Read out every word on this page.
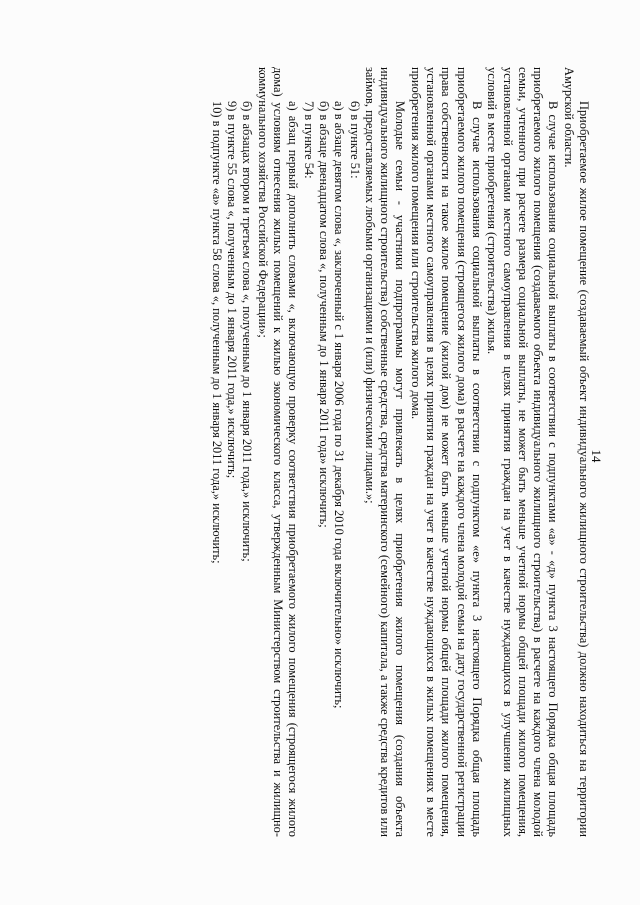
14

Приобретаемое жилое помещение (создаваемый объект индивидуального жилищного строительства) должно находиться на территории Амурской области.

В случае использования социальной выплаты в соответствии с подпунктами «а» - «д» пункта 3 настоящего Порядка общая площадь приобретаемого жилого помещения (создаваемого объекта индивидуального жилищного строительства) в расчете на каждого члена молодой семьи, учтенного при расчете размера социальной выплаты, не может быть меньше учетной нормы общей площади жилого помещения, установленной органами местного самоуправления в целях принятия граждан на учет в качестве нуждающихся в улучшении жилищных условий в месте приобретения (строительства) жилья.

В случае использования социальной выплаты в соответствии с подпунктом «е» пункта 3 настоящего Порядка общая площадь приобретаемого жилого помещения (строящегося жилого дома) в расчете на каждого члена молодой семьи на дату государственной регистрации права собственности на такое жилое помещение (жилой дом) не может быть меньше учетной нормы общей площади жилого помещения, установленной органами местного самоуправления в целях принятия граждан на учет в качестве нуждающихся в жилых помещениях в месте приобретения жилого помещения или строительства жилого дома.

Молодые семьи - участники подпрограммы могут привлекать в целях приобретения жилого помещения (создания объекта индивидуального жилищного строительства) собственные средства, средства материнского (семейного) капитала, а также средства кредитов или займов, предоставляемых любыми организациями и (или) физическими лицами.»;

6) в пункте 51:

а) в абзаце девятом слова «, заключенный с 1 января 2006 года по 31 декабря 2010 года включительно» исключить;

б) в абзаце двенадцатом слова «, полученным до 1 января 2011 года» исключить;

7) в пункте 54:

а) абзац первый дополнить словами «, включающую проверку соответствия приобретаемого жилого помещения (строящегося жилого дома) условиям отнесения жилых помещений к жилью экономического класса, утвержденным Министерством строительства и жилищно-коммунального хозяйства Российской Федерации»;

б) в абзацах втором и третьем слова «, полученным до 1 января 2011 года,» исключить;

9) в пункте 55 слова «, полученным до 1 января 2011 года,» исключить;

10) в подпункте «а» пункта 58 слова «, полученным до 1 января 2011 года,» исключить;
